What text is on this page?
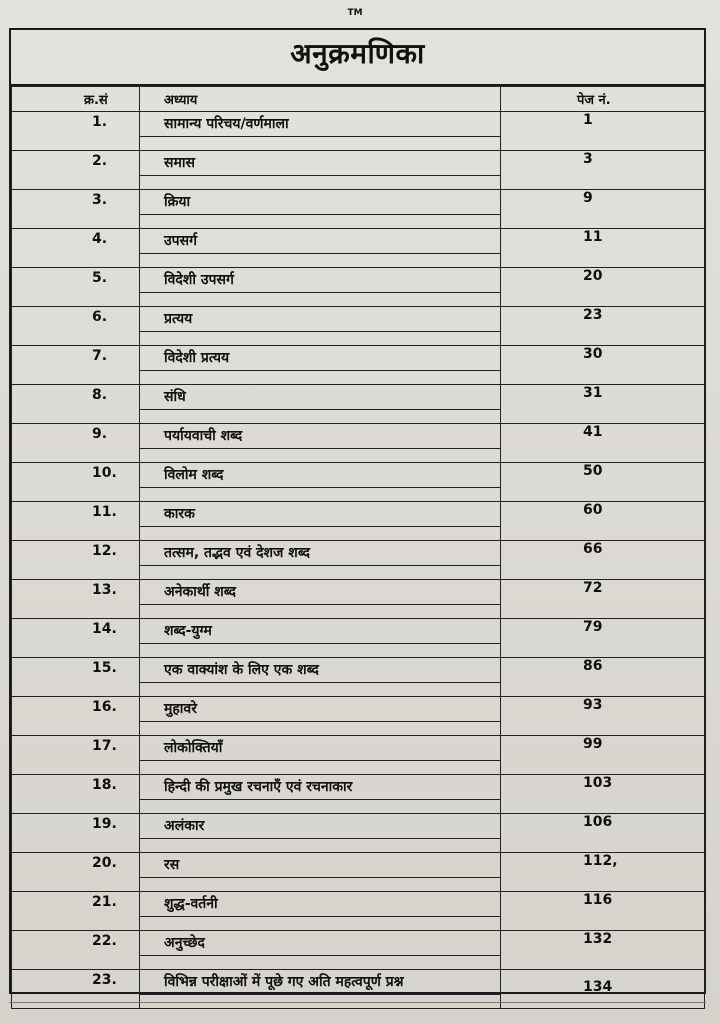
TM
अनुक्रमणिका
क्र.सं	अध्याय	पेज नं.
1.	सामान्य परिचय/वर्णमाला	1

2.	समास	3

3.	क्रिया	9

4.	उपसर्ग	11

5.	विदेशी उपसर्ग	20

6.	प्रत्यय	23

7.	विदेशी प्रत्यय	30

8.	संधि	31

9.	पर्यायवाची शब्द	41

10.	विलोम शब्द	50

11.	कारक	60

12.	तत्सम, तद्भव एवं देशज शब्द	66

13.	अनेकार्थी शब्द	72

14.	शब्द-युग्म	79

15.	एक वाक्यांश के लिए एक शब्द	86

16.	मुहावरे	93

17.	लोकोक्तियाँ	99

18.	हिन्दी की प्रमुख रचनाएँ एवं रचनाकार	103

19.	अलंकार	106

20.	रस	112,

21.	शुद्ध-वर्तनी	116

22.	अनुच्छेद	132

23.	विभिन्न परीक्षाओं में पूछे गए अति महत्वपूर्ण प्रश्न	134
